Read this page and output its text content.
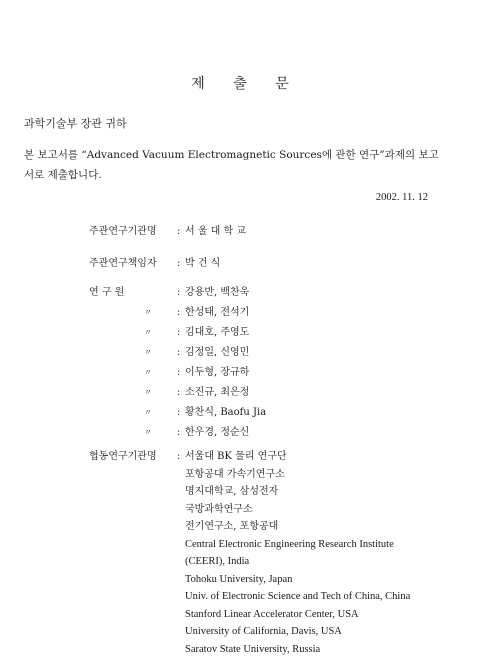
제 출 문
과학기술부 장관 귀하
본 보고서를 “Advanced Vacuum Electromagnetic Sources에 관한 연구”과제의 보고
서로 제출합니다.
2002. 11. 12
주관연구기관명 : 서 울 대 학 교
주관연구책임자 : 박 건 식
연 구 원	: 강용반, 백찬욱
〃	: 한성태, 전석기
〃	: 김대호, 주영도
〃	: 김정일, 신영민
〃	: 이두형, 장규하
〃	: 소진규, 최은정
〃	: 황찬식, Baofu Jia
〃	: 한우경, 정순신
협동연구기관명 : 서울대 BK 물리 연구단
포항공대 가속기연구소
명지대학교, 삼성전자
국방과학연구소
전기연구소, 포항공대
Central Electronic Engineering Research Institute
(CEERI), India
Tohoku University, Japan
Univ. of Electronic Science and Tech of China, China
Stanford Linear Accelerator Center, USA
University of California, Davis, USA
Saratov State University, Russia
